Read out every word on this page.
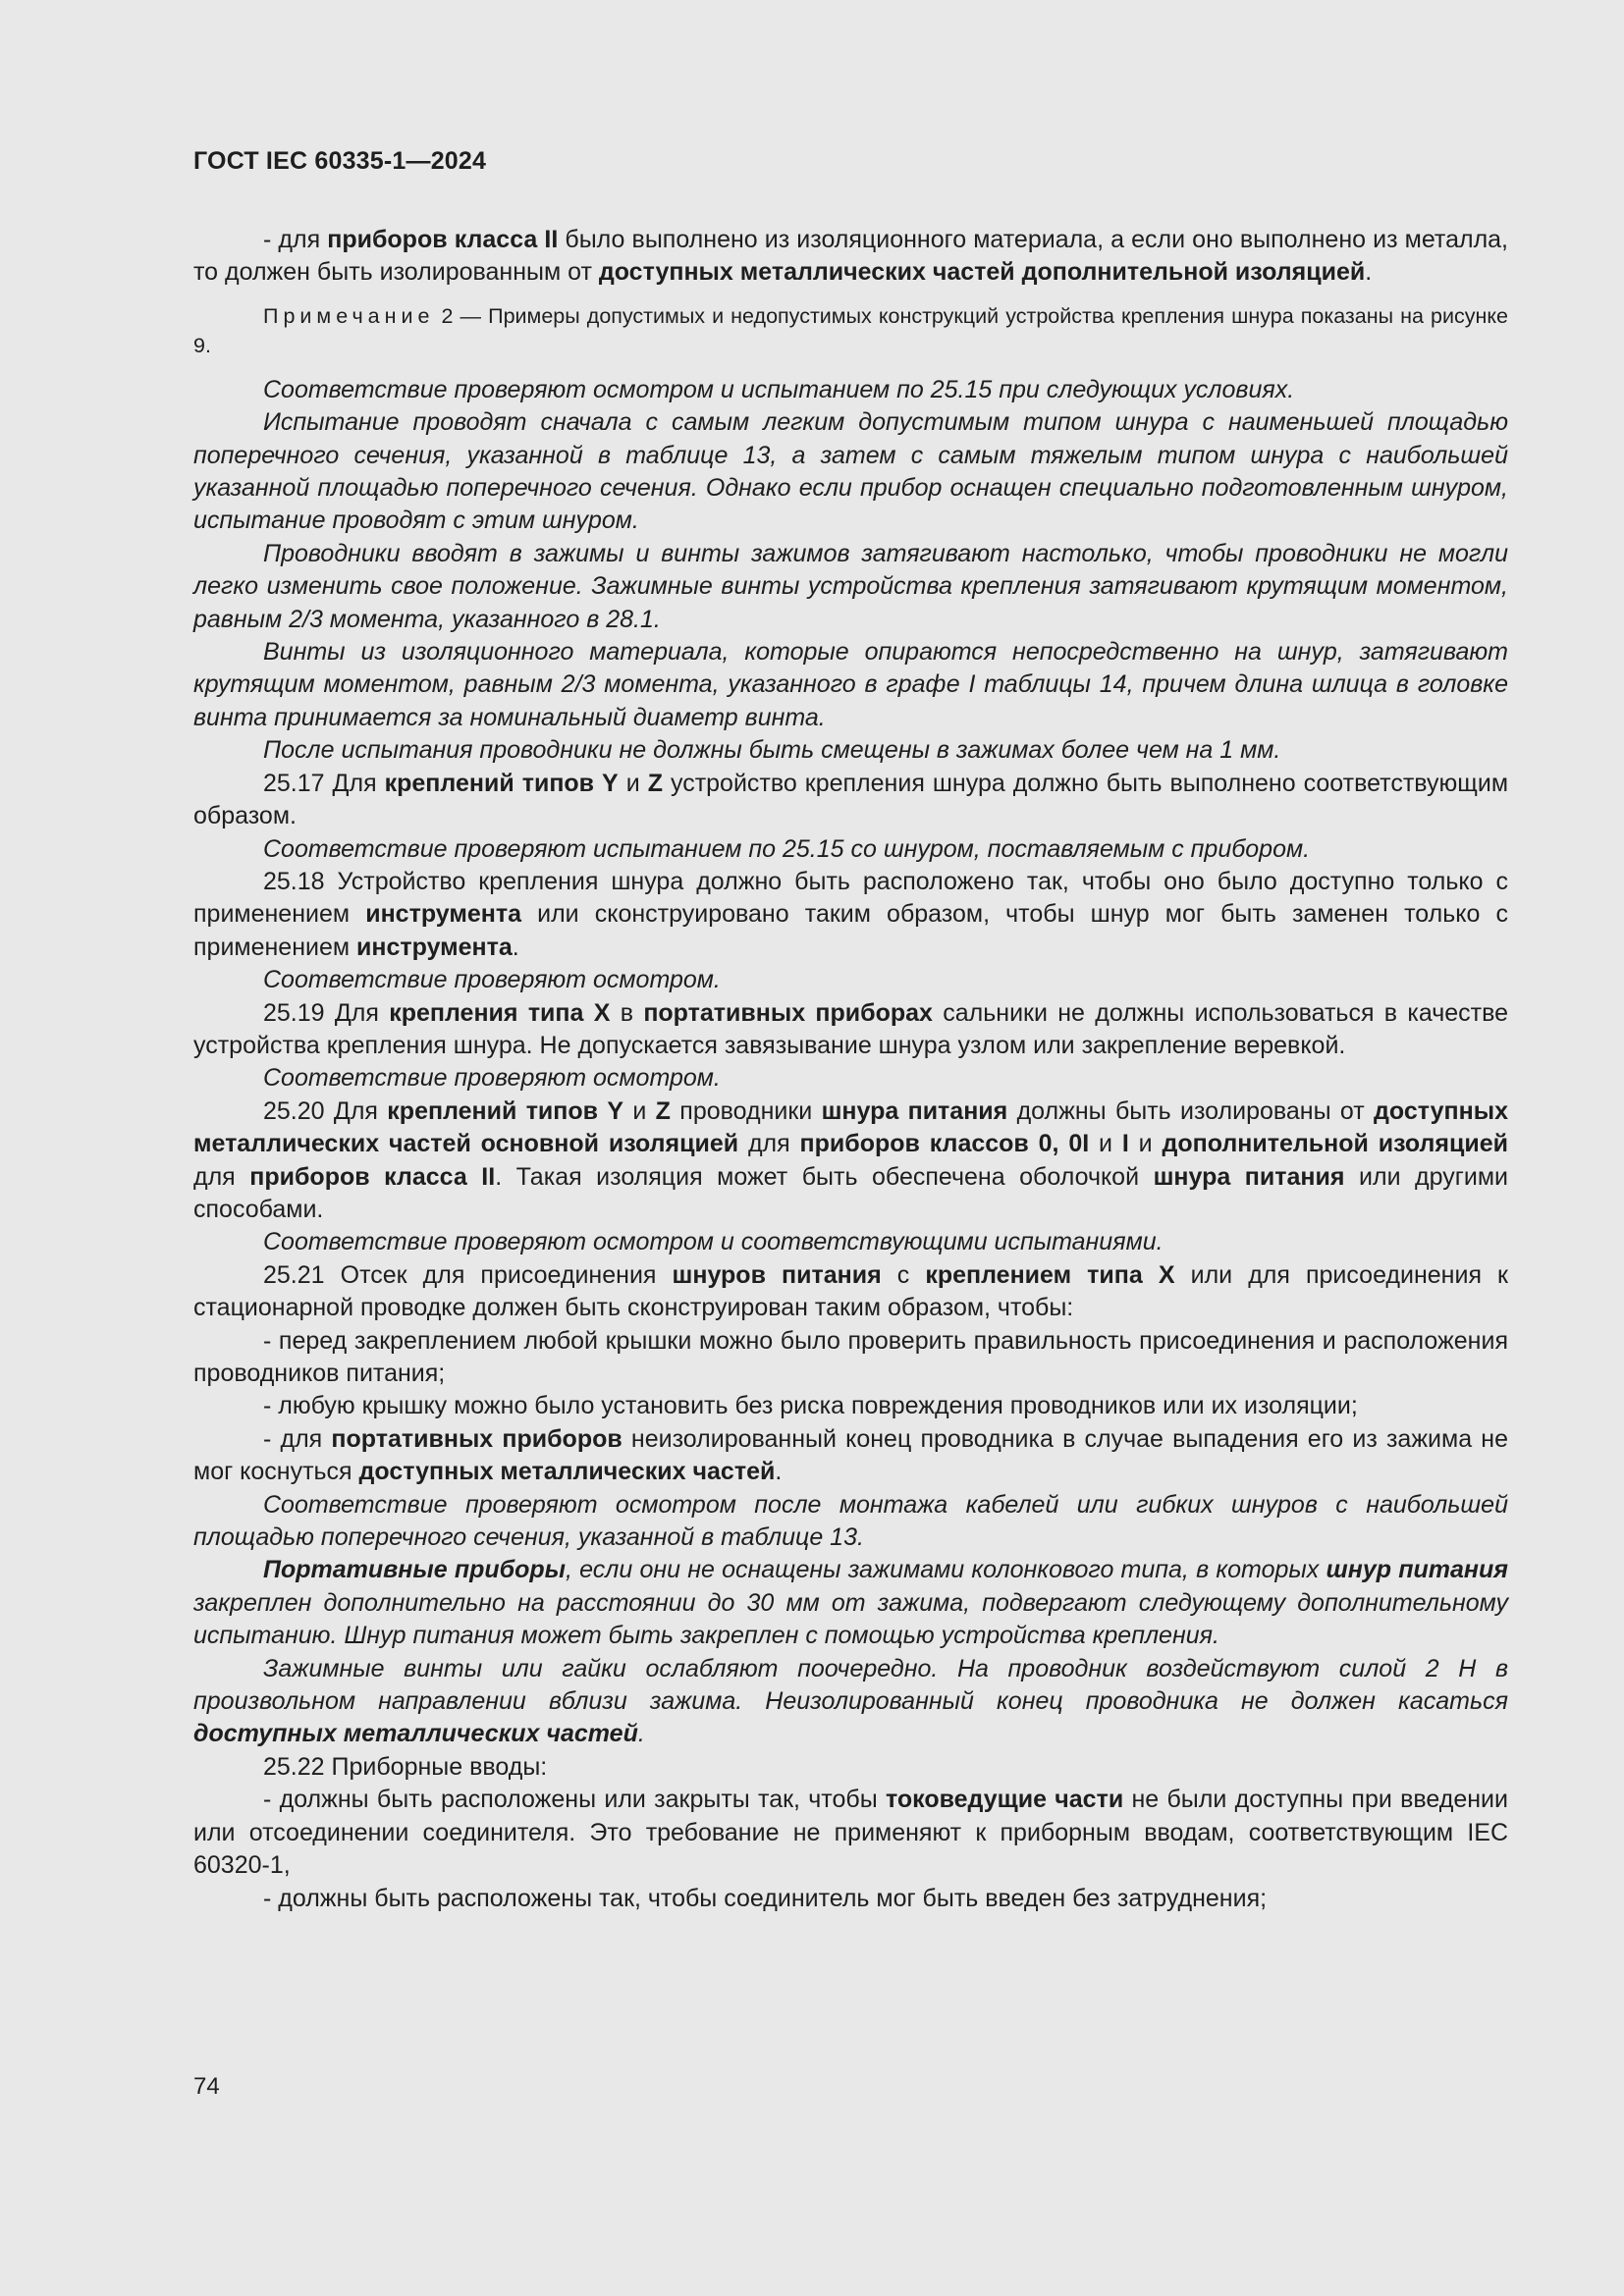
ГОСТ IEC 60335-1—2024

- для приборов класса II было выполнено из изоляционного материала, а если оно выполнено из металла, то должен быть изолированным от доступных металлических частей дополнительной изоляцией.

Примечание 2 — Примеры допустимых и недопустимых конструкций устройства крепления шнура показаны на рисунке 9.

Соответствие проверяют осмотром и испытанием по 25.15 при следующих условиях.

Испытание проводят сначала с самым легким допустимым типом шнура с наименьшей площадью поперечного сечения, указанной в таблице 13, а затем с самым тяжелым типом шнура с наибольшей указанной площадью поперечного сечения. Однако если прибор оснащен специально подготовленным шнуром, испытание проводят с этим шнуром.

Проводники вводят в зажимы и винты зажимов затягивают настолько, чтобы проводники не могли легко изменить свое положение. Зажимные винты устройства крепления затягивают крутящим моментом, равным 2/3 момента, указанного в 28.1.

Винты из изоляционного материала, которые опираются непосредственно на шнур, затягивают крутящим моментом, равным 2/3 момента, указанного в графе I таблицы 14, причем длина шлица в головке винта принимается за номинальный диаметр винта.

После испытания проводники не должны быть смещены в зажимах более чем на 1 мм.

25.17 Для креплений типов Y и Z устройство крепления шнура должно быть выполнено соответствующим образом.

Соответствие проверяют испытанием по 25.15 со шнуром, поставляемым с прибором.

25.18 Устройство крепления шнура должно быть расположено так, чтобы оно было доступно только с применением инструмента или сконструировано таким образом, чтобы шнур мог быть заменен только с применением инструмента.

Соответствие проверяют осмотром.

25.19 Для крепления типа X в портативных приборах сальники не должны использоваться в качестве устройства крепления шнура. Не допускается завязывание шнура узлом или закрепление веревкой.

Соответствие проверяют осмотром.

25.20 Для креплений типов Y и Z проводники шнура питания должны быть изолированы от доступных металлических частей основной изоляцией для приборов классов 0, 0I и I и дополнительной изоляцией для приборов класса II. Такая изоляция может быть обеспечена оболочкой шнура питания или другими способами.

Соответствие проверяют осмотром и соответствующими испытаниями.

25.21 Отсек для присоединения шнуров питания с креплением типа X или для присоединения к стационарной проводке должен быть сконструирован таким образом, чтобы:

- перед закреплением любой крышки можно было проверить правильность присоединения и расположения проводников питания;

- любую крышку можно было установить без риска повреждения проводников или их изоляции;

- для портативных приборов неизолированный конец проводника в случае выпадения его из зажима не мог коснуться доступных металлических частей.

Соответствие проверяют осмотром после монтажа кабелей или гибких шнуров с наибольшей площадью поперечного сечения, указанной в таблице 13.

Портативные приборы, если они не оснащены зажимами колонкового типа, в которых шнур питания закреплен дополнительно на расстоянии до 30 мм от зажима, подвергают следующему дополнительному испытанию. Шнур питания может быть закреплен с помощью устройства крепления.

Зажимные винты или гайки ослабляют поочередно. На проводник воздействуют силой 2 Н в произвольном направлении вблизи зажима. Неизолированный конец проводника не должен касаться доступных металлических частей.

25.22 Приборные вводы:

- должны быть расположены или закрыты так, чтобы токоведущие части не были доступны при введении или отсоединении соединителя. Это требование не применяют к приборным вводам, соответствующим IEC 60320-1,

- должны быть расположены так, чтобы соединитель мог быть введен без затруднения;

74
